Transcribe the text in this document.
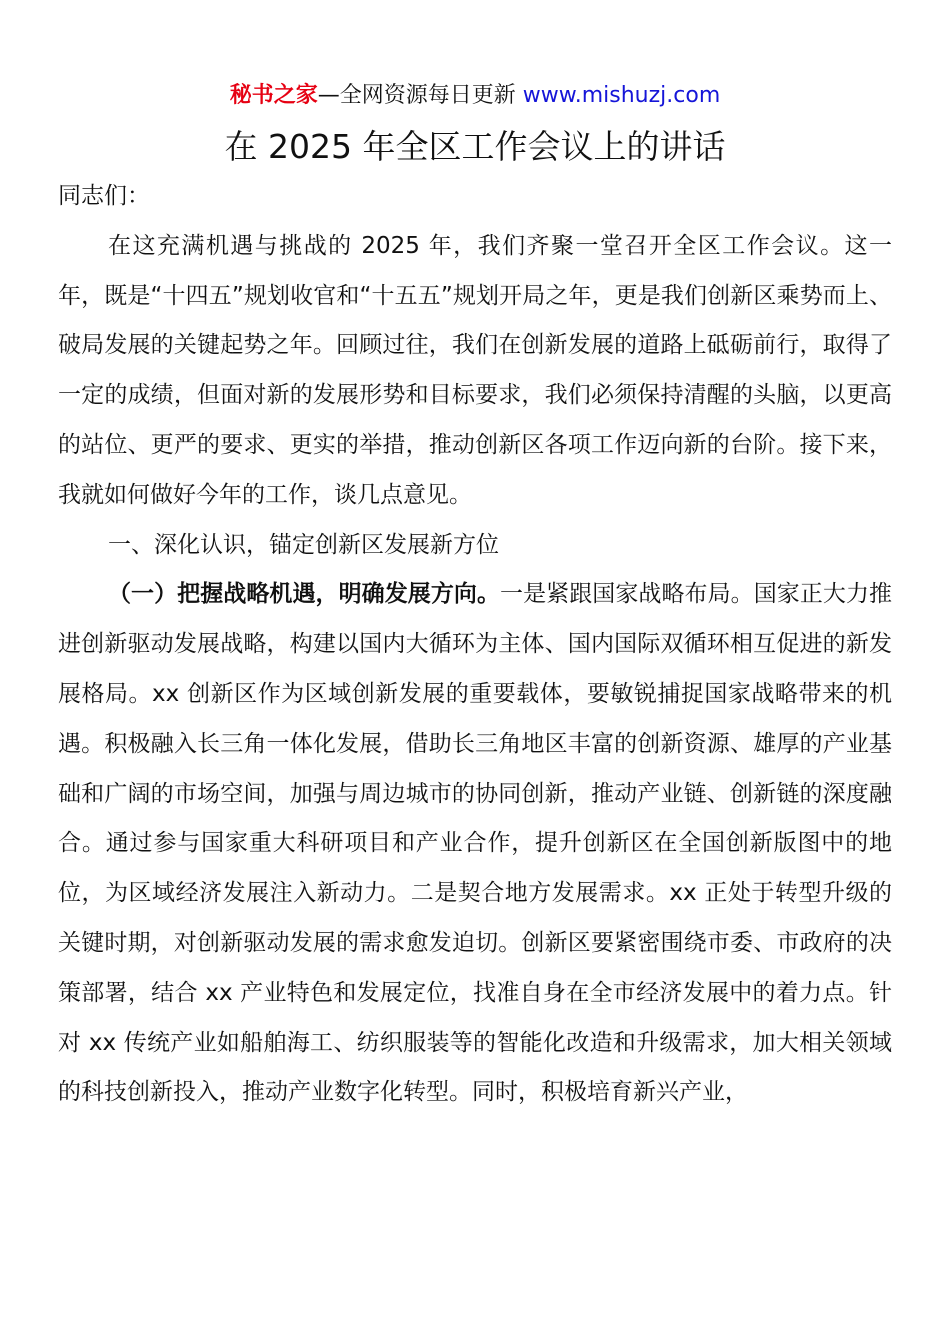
秘书之家—全网资源每日更新 www.mishuzj.com
在 2025 年全区工作会议上的讲话

同志们：

在这充满机遇与挑战的 2025 年，我们齐聚一堂召开全区工作会议。这一年，既是“十四五”规划收官和“十五五”规划开局之年，更是我们创新区乘势而上、破局发展的关键起势之年。回顾过往，我们在创新发展的道路上砥砺前行，取得了一定的成绩，但面对新的发展形势和目标要求，我们必须保持清醒的头脑，以更高的站位、更严的要求、更实的举措，推动创新区各项工作迈向新的台阶。接下来，我就如何做好今年的工作，谈几点意见。

一、深化认识，锚定创新区发展新方位

（一）把握战略机遇，明确发展方向。一是紧跟国家战略布局。国家正大力推进创新驱动发展战略，构建以国内大循环为主体、国内国际双循环相互促进的新发展格局。xx 创新区作为区域创新发展的重要载体，要敏锐捕捉国家战略带来的机遇。积极融入长三角一体化发展，借助长三角地区丰富的创新资源、雄厚的产业基础和广阔的市场空间，加强与周边城市的协同创新，推动产业链、创新链的深度融合。通过参与国家重大科研项目和产业合作，提升创新区在全国创新版图中的地位，为区域经济发展注入新动力。二是契合地方发展需求。xx 正处于转型升级的关键时期，对创新驱动发展的需求愈发迫切。创新区要紧密围绕市委、市政府的决策部署，结合 xx 产业特色和发展定位，找准自身在全市经济发展中的着力点。针对 xx 传统产业如船舶海工、纺织服装等的智能化改造和升级需求，加大相关领域的科技创新投入，推动产业数字化转型。同时，积极培育新兴产业，
